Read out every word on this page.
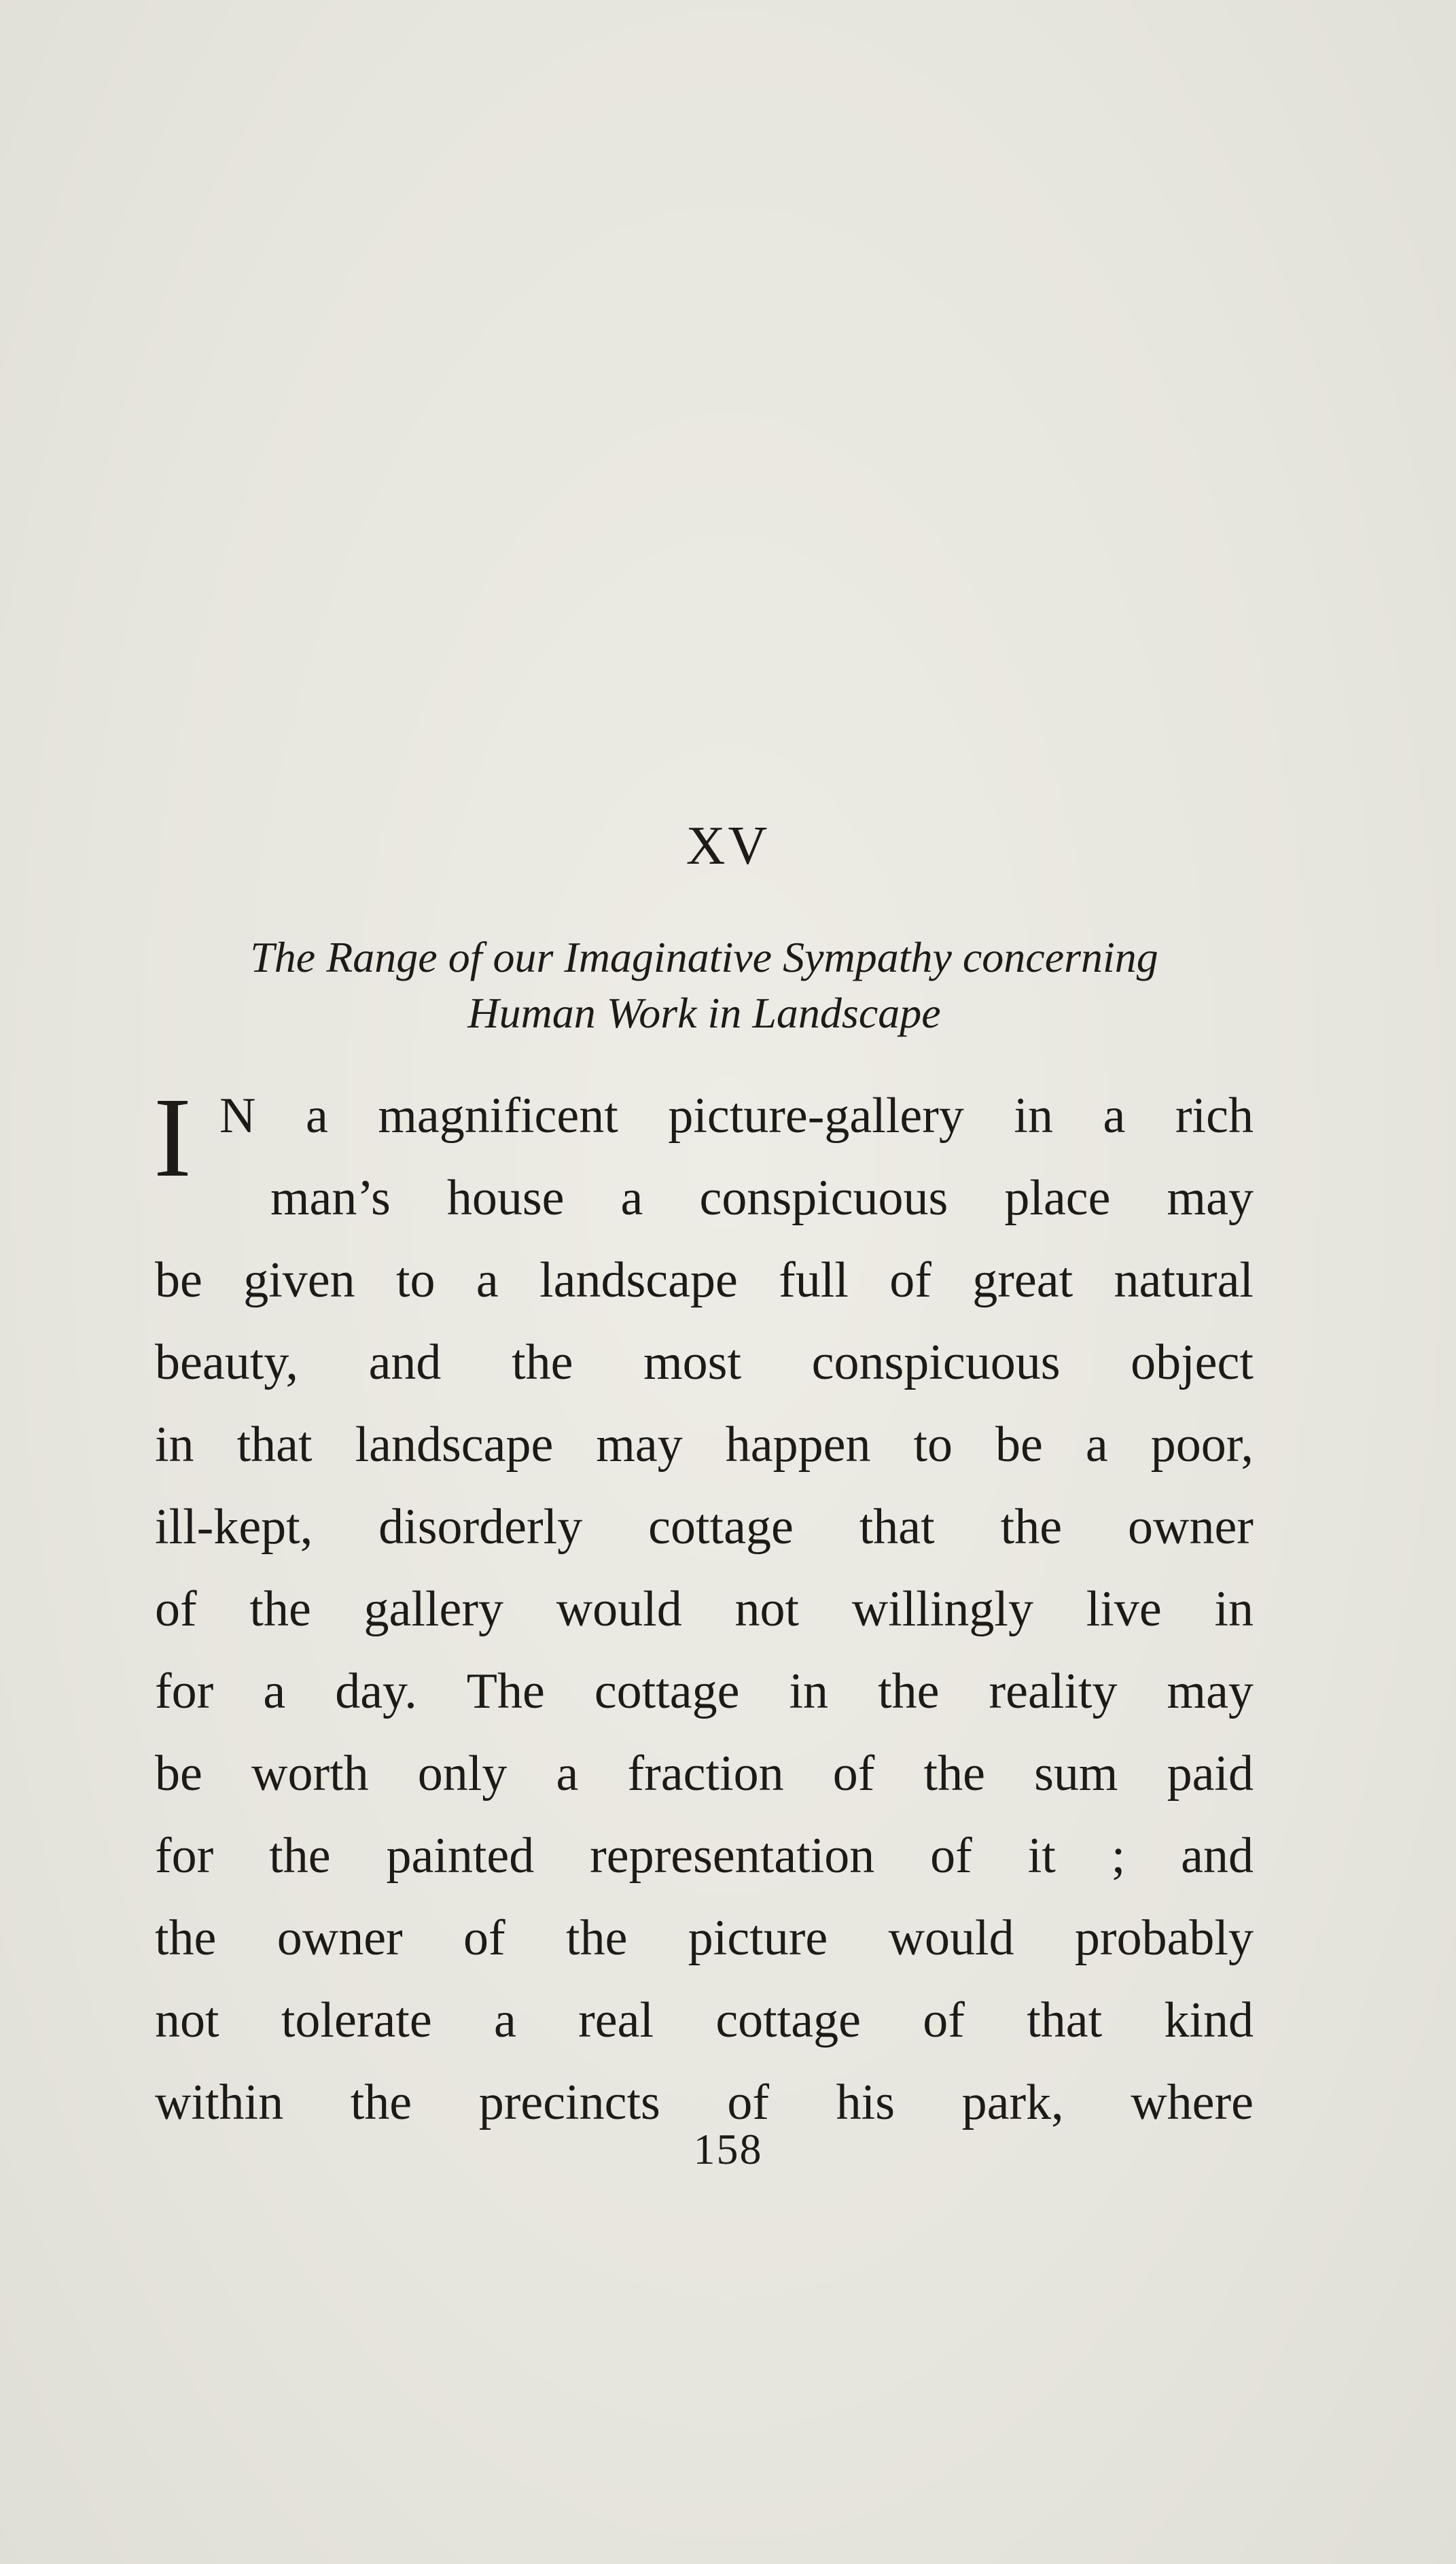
XV
The Range of our Imaginative Sympathy concerning
Human Work in Landscape
I N a magnificent picture-gallery in a rich
man’s house a conspicuous place may
be given to a landscape full of great natural
beauty, and the most conspicuous object
in that landscape may happen to be a poor,
ill-kept, disorderly cottage that the owner
of the gallery would not willingly live in
for a day. The cottage in the reality may
be worth only a fraction of the sum paid
for the painted representation of it ; and
the owner of the picture would probably
not tolerate a real cottage of that kind
within the precincts of his park, where
158
